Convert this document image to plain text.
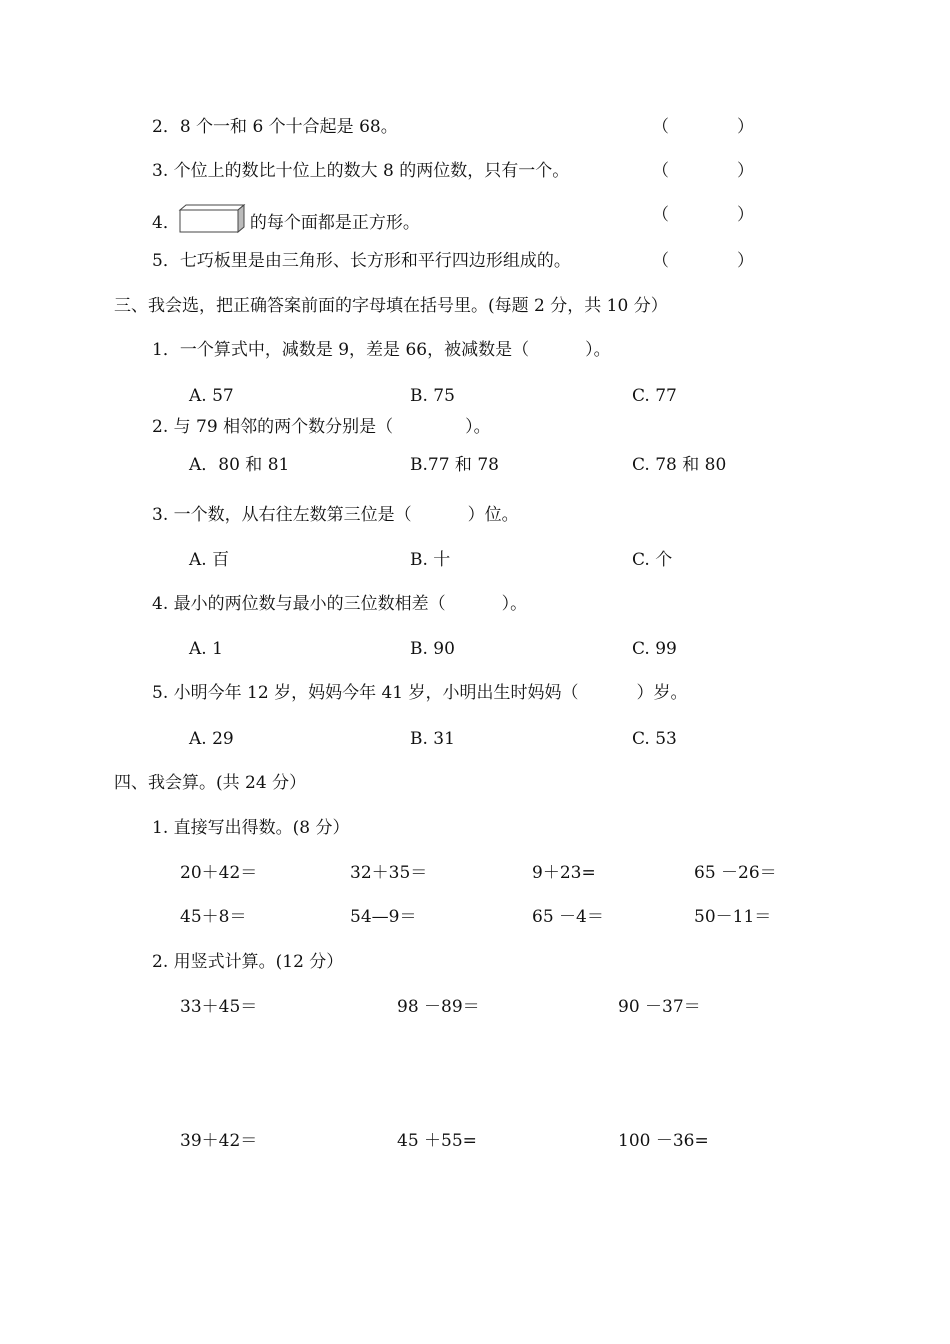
2．8 个一和 6 个十合起是 68。	（　　　　）
3. 个位上的数比十位上的数大 8 的两位数，只有一个。	（　　　　）
4．	的每个面都是正方形。	（　　　　）
5．七巧板里是由三角形、长方形和平行四边形组成的。	（　　　　）
三、我会选，把正确答案前面的字母填在括号里。(每题 2 分，共 10 分）
1．一个算式中，减数是 9，差是 66，被减数是（	）。
A. 57	B. 75	C. 77
2. 与 79 相邻的两个数分别是（	）。
A．80 和 81	B.77 和 78	C. 78 和 80
3. 一个数，从右往左数第三位是（	）位。
A. 百	B. 十	C. 个
4. 最小的两位数与最小的三位数相差（	）。
A. 1	B. 90	C. 99
5. 小明今年 12 岁，妈妈今年 41 岁，小明出生时妈妈（	）岁。
A. 29	B. 31	C. 53
四、我会算。(共 24 分）
1. 直接写出得数。(8 分）
20＋42＝	32＋35＝	9＋23=	65 －26＝
45＋8＝	54—9＝	65 －4＝	50－11＝
2. 用竖式计算。(12 分）
33＋45＝	98 －89＝	90 －37＝
39＋42＝	45 ＋55=	100 －36=
